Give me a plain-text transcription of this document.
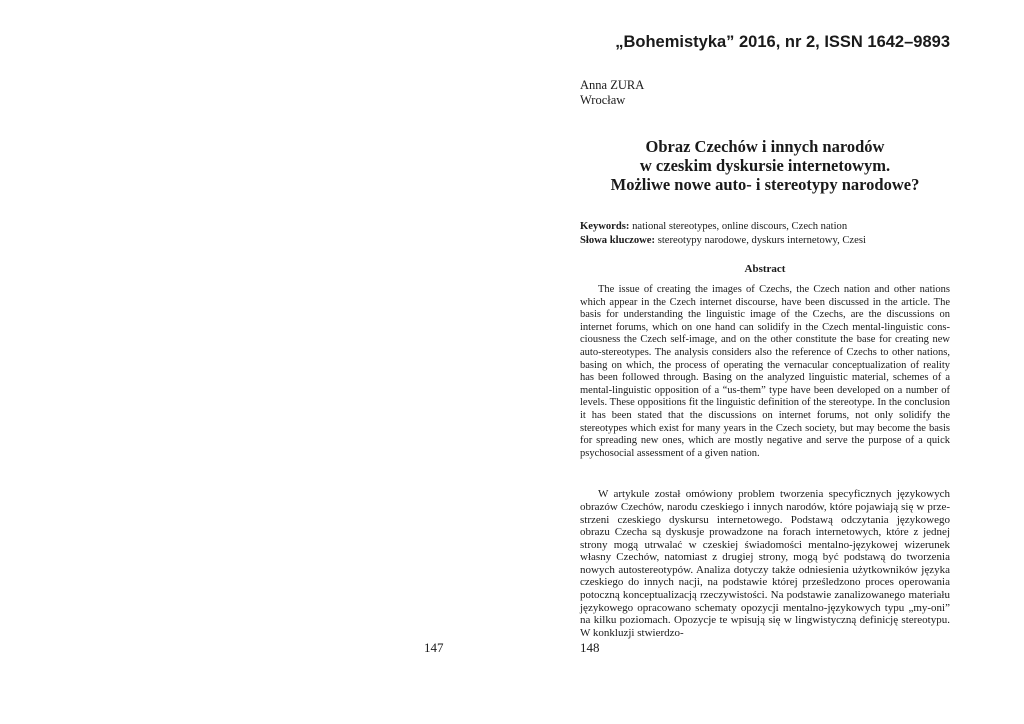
147

„Bohemistyka” 2016, nr 2, ISSN 1642–9893

Anna ZURA
Wrocław
Obraz Czechów i innych narodów
w czeskim dyskursie internetowym.
Możliwe nowe auto- i stereotypy narodowe?

Keywords: national stereotypes, online discours, Czech nation

Słowa kluczowe: stereotypy narodowe, dyskurs internetowy, Czesi

Abstract

The issue of creating the images of Czechs, the Czech nation and other nations which appear in the Czech internet discourse, have been discussed in the article. The basis for understanding the linguistic image of the Czechs, are the discussions on internet forums, which on one hand can solidify in the Czech mental-linguistic consciousness the Czech self-image, and on the other constitute the base for creating new auto-stereotypes. The analysis considers also the reference of Czechs to other nations, basing on which, the process of operating the vernacular conceptualization of reality has been followed through. Basing on the analyzed linguistic material, schemes of a mental-linguistic opposition of a “us-them” type have been developed on a number of levels. These oppositions fit the linguistic definition of the stereotype. In the conclusion it has been stated that the discussions on internet forums, not only solidify the stereotypes which exist for many years in the Czech society, but may become the basis for spreading new ones, which are mostly negative and serve the purpose of a quick psychosocial assessment of a given nation.

W artykule został omówiony problem tworzenia specyficznych językowych obrazów Czechów, narodu czeskiego i innych narodów, które pojawiają się w przestrzeni czeskiego dyskursu internetowego. Podstawą odczytania językowego obrazu Czecha są dyskusje prowadzone na forach internetowych, które z jednej strony mogą utrwalać w czeskiej świadomości mentalno-językowej wizerunek własny Czechów, natomiast z drugiej strony, mogą być podstawą do tworzenia nowych autostereotypów. Analiza dotyczy także odniesienia użytkowników języka czeskiego do innych nacji, na podstawie której prześledzono proces operowania potoczną konceptualizacją rzeczywistości. Na podstawie zanalizowanego materiału językowego opracowano schematy opozycji mentalno-językowych typu „my-oni” na kilku poziomach. Opozycje te wpisują się w lingwistyczną definicję stereotypu. W konkluzji stwierdzo-

148
